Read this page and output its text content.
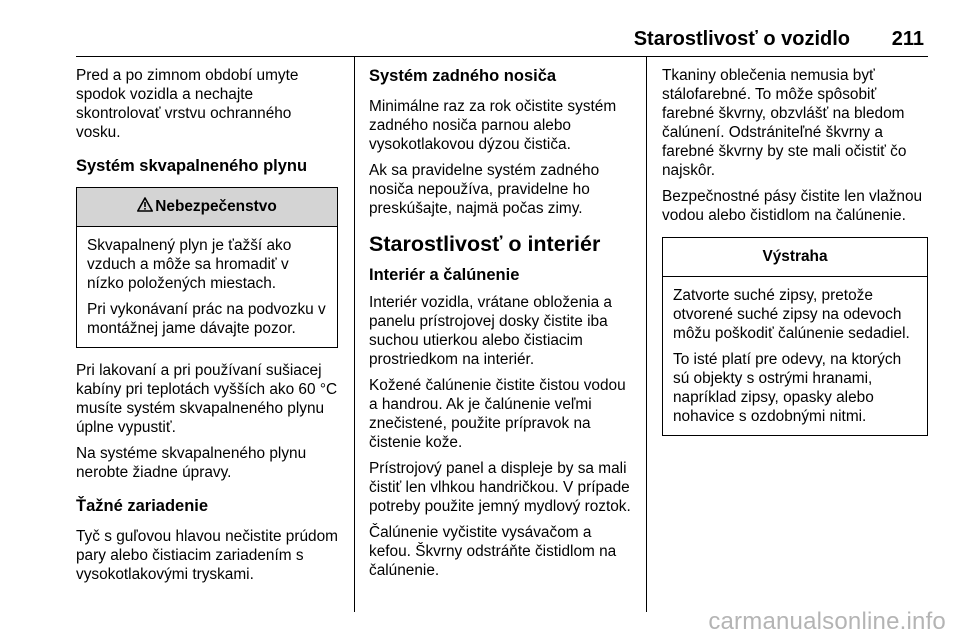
Starostlivosť o vozidlo 211

Pred a po zimnom období umyte spodok vozidla a nechajte skontrolovať vrstvu ochranného vosku.

Systém skvapalneného plynu
Nebezpečenstvo

Skvapalnený plyn je ťažší ako vzduch a môže sa hromadiť v nízko položených miestach.

Pri vykonávaní prác na podvozku v montážnej jame dávajte pozor.

Pri lakovaní a pri používaní sušiacej kabíny pri teplotách vyšších ako 60 °C musíte systém skvapalneného plynu úplne vypustiť.

Na systéme skvapalneného plynu nerobte žiadne úpravy.

Ťažné zariadenie

Tyč s guľovou hlavou nečistite prúdom pary alebo čistiacim zariadením s vysokotlakovými tryskami.

Systém zadného nosiča

Minimálne raz za rok očistite systém zadného nosiča parnou alebo vysokotlakovou dýzou čističa.

Ak sa pravidelne systém zadného nosiča nepoužíva, pravidelne ho preskúšajte, najmä počas zimy.

Starostlivosť o interiér
Interiér a čalúnenie

Interiér vozidla, vrátane obloženia a panelu prístrojovej dosky čistite iba suchou utierkou alebo čistiacim prostriedkom na interiér.

Kožené čalúnenie čistite čistou vodou a handrou. Ak je čalúnenie veľmi znečistené, použite prípravok na čistenie kože.

Prístrojový panel a displeje by sa mali čistiť len vlhkou handričkou. V prípade potreby použite jemný mydlový roztok.

Čalúnenie vyčistite vysávačom a kefou. Škvrny odstráňte čistidlom na čalúnenie.

Tkaniny oblečenia nemusia byť stálofarebné. To môže spôsobiť farebné škvrny, obzvlášť na bledom čalúnení. Odstrániteľné škvrny a farebné škvrny by ste mali očistiť čo najskôr.

Bezpečnostné pásy čistite len vlažnou vodou alebo čistidlom na čalúnenie.

Výstraha

Zatvorte suché zipsy, pretože otvorené suché zipsy na odevoch môžu poškodiť čalúnenie sedadiel.

To isté platí pre odevy, na ktorých sú objekty s ostrými hranami, napríklad zipsy, opasky alebo nohavice s ozdobnými nitmi.

carmanualsonline.info
